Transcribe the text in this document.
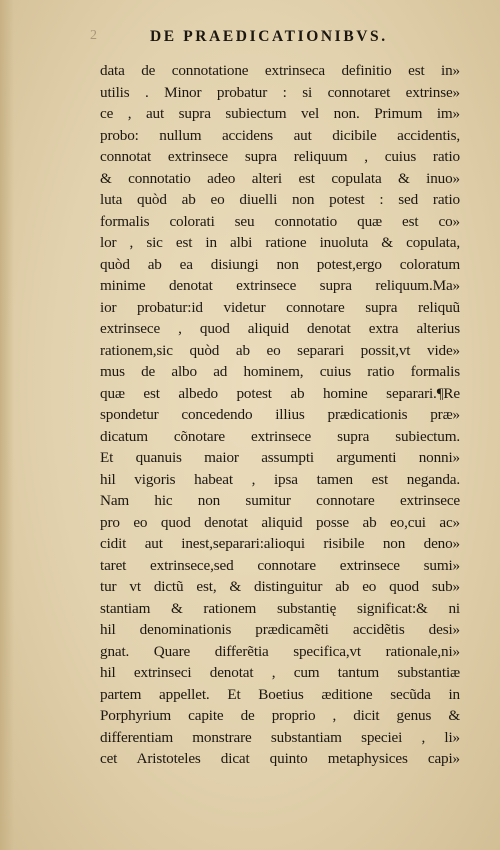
2	DE PRAEDICATIONIBVS.
data de connotatione extrinseca definitio est in»
utilis . Minor probatur : si connotaret extrinse»
ce , aut supra subiectum vel non. Primum im»
probo: nullum accidens aut dicibile accidentis,
connotat extrinsece supra reliquum , cuius ratio
& connotatio adeo alteri est copulata & inuo»
luta quòd ab eo diuelli non potest : sed ratio
formalis colorati seu connotatio quæ est co»
lor , sic est in albi ratione inuoluta & copulata,
quòd ab ea disiungi non potest,ergo coloratum
minime denotat extrinsece supra reliquum.Ma»
ior probatur:id videtur connotare supra reliquũ
extrinsece , quod aliquid denotat extra alterius
rationem,sic quòd ab eo separari possit,vt vide»
mus de albo ad hominem, cuius ratio formalis
quæ est albedo potest ab homine separari.¶Re
spondetur concedendo illius prædicationis præ»
dicatum cõnotare extrinsece supra subiectum.
Et quanuis maior assumpti argumenti nonni»
hil vigoris habeat , ipsa tamen est neganda.
Nam hic non sumitur connotare extrinsece
pro eo quod denotat aliquid posse ab eo,cui ac»
cidit aut inest,separari:alioqui risibile non deno»
taret extrinsece,sed connotare extrinsece sumi»
tur vt dictũ est, & distinguitur ab eo quod sub»
stantiam & rationem substantię significat:& ni
hil denominationis prædicamẽti accidẽtis desi»
gnat. Quare differẽtia specifica,vt rationale,ni»
hil extrinseci denotat , cum tantum substantiæ
partem appellet. Et Boetius æditione secũda in
Porphyrium capite de proprio , dicit genus &
differentiam monstrare substantiam speciei , li»
cet Aristoteles dicat quinto metaphysices capi»
